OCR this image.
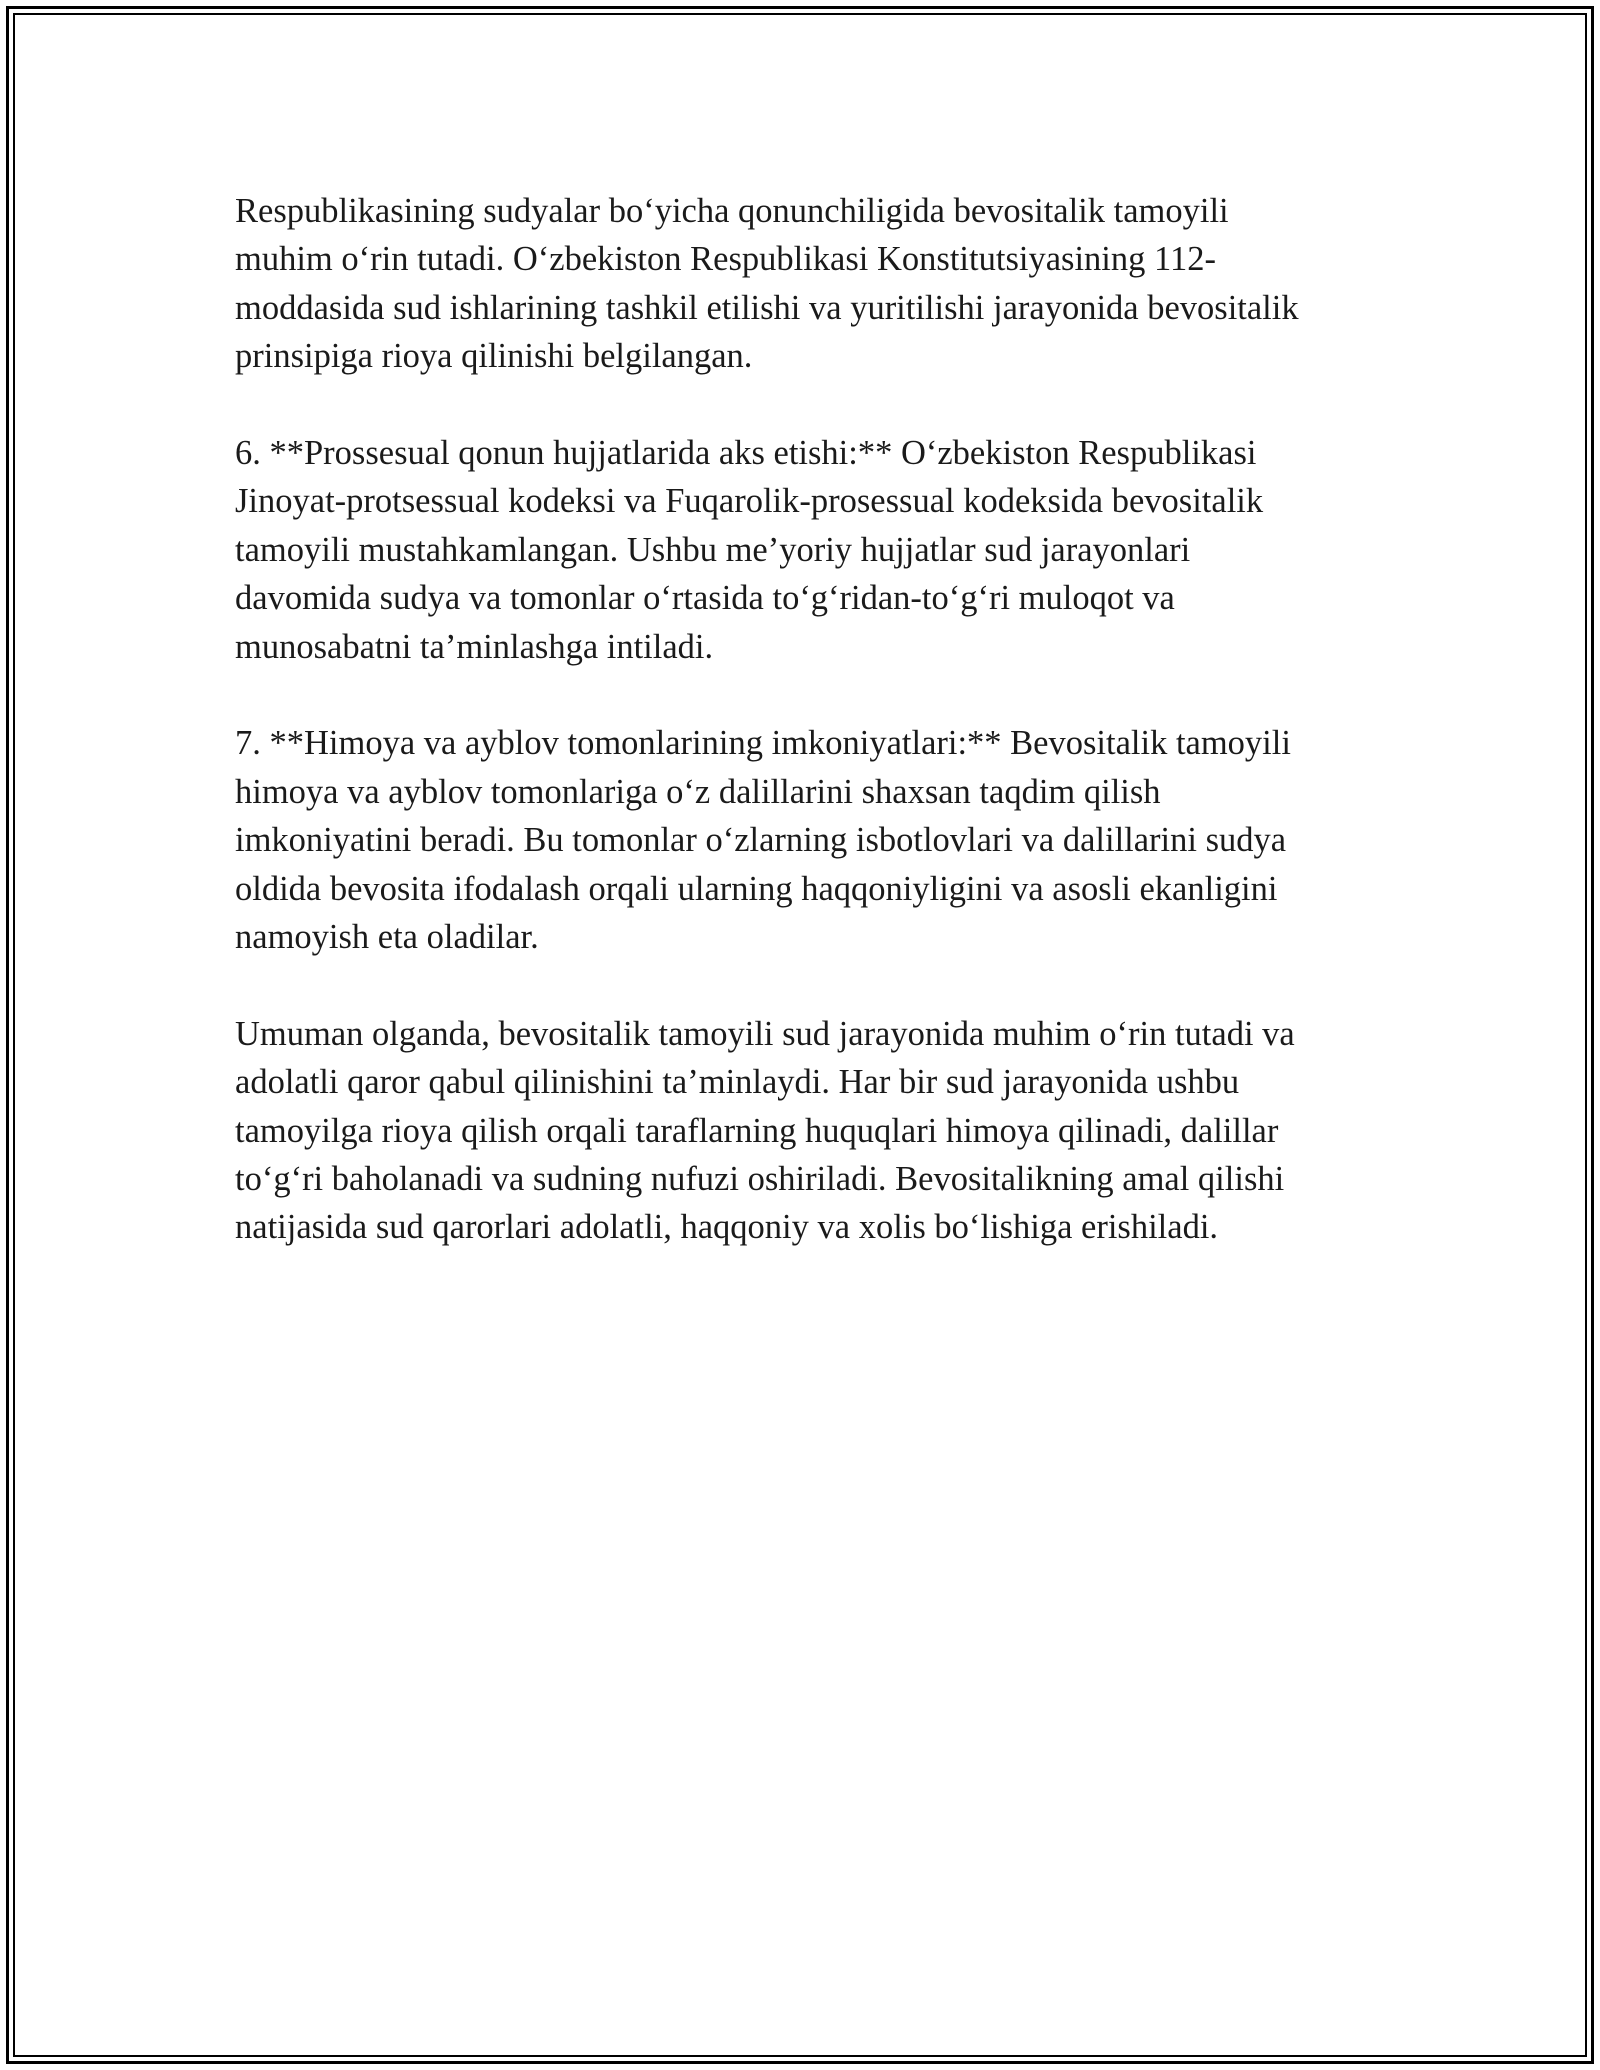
Respublikasining sudyalar bo‘yicha qonunchiligida bevositalik tamoyili
muhim o‘rin tutadi. O‘zbekiston Respublikasi Konstitutsiyasining 112-
moddasida sud ishlarining tashkil etilishi va yuritilishi jarayonida bevositalik
prinsipiga rioya qilinishi belgilangan.

6. **Prossesual qonun hujjatlarida aks etishi:** O‘zbekiston Respublikasi
Jinoyat-protsessual kodeksi va Fuqarolik-prosessual kodeksida bevositalik
tamoyili mustahkamlangan. Ushbu me’yoriy hujjatlar sud jarayonlari
davomida sudya va tomonlar o‘rtasida to‘g‘ridan-to‘g‘ri muloqot va
munosabatni ta’minlashga intiladi.

7. **Himoya va ayblov tomonlarining imkoniyatlari:** Bevositalik tamoyili
himoya va ayblov tomonlariga o‘z dalillarini shaxsan taqdim qilish
imkoniyatini beradi. Bu tomonlar o‘zlarning isbotlovlari va dalillarini sudya
oldida bevosita ifodalash orqali ularning haqqoniyligini va asosli ekanligini
namoyish eta oladilar.

Umuman olganda, bevositalik tamoyili sud jarayonida muhim o‘rin tutadi va
adolatli qaror qabul qilinishini ta’minlaydi. Har bir sud jarayonida ushbu
tamoyilga rioya qilish orqali taraflarning huquqlari himoya qilinadi, dalillar
to‘g‘ri baholanadi va sudning nufuzi oshiriladi. Bevositalikning amal qilishi
natijasida sud qarorlari adolatli, haqqoniy va xolis bo‘lishiga erishiladi.
